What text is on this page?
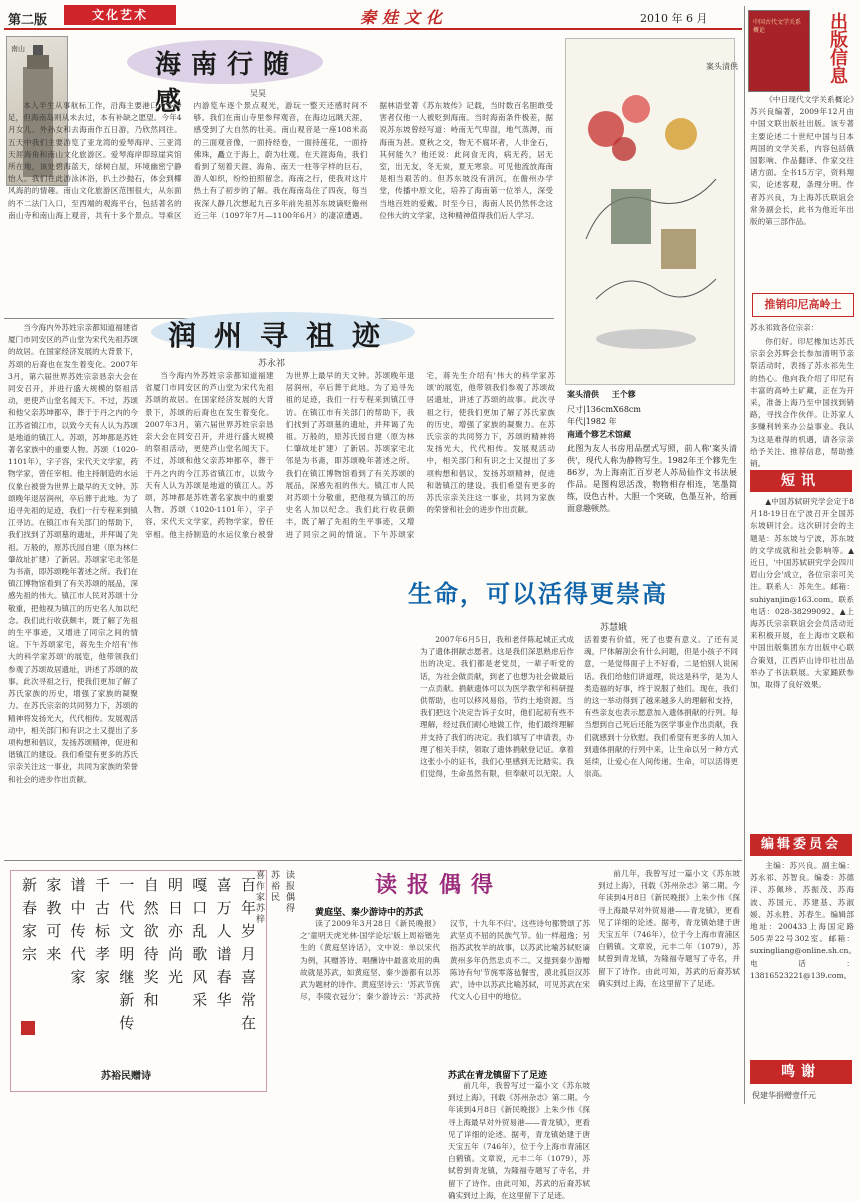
第二版	文化艺术	秦娃文化	2010 年 6 月
南山
海南行随感	吴昊

本人半生从事航标工作，沿海主要港口大多涉足，但海南岛则从未去过，本有补缺之愿望。今年4月女儿、外孙女和去海南作五日游，乃欣然同往。五天中我们主要游览了亚龙湾的爱琴海岸、三亚湾天涯海角和南山文化旅游区。爱琴海岸即琼崖宾馆所在地，该处碧海蓝天，绿树白屋，环境幽密宁静怡人。我们在此游泳沐浴，扒土沙抛石，体会到椰风海韵的情趣。南山文化旅游区范围很大，从东面的不二法门入口，至西端的观海平台，包括著名的南山寺和南山海上观音，共有十多个景点。导乘区内游览车逐个景点观光，游玩一整天还感时间不够。我们在南山寺里参拜观音，在海边远眺天涯，感受到了大自然的壮美。南山观音是一座108米高的三面观音像，一面持经卷，一面持莲花，一面持佛珠，矗立于海上，蔚为壮观。在天涯海角，我们看到了刻着天涯、海角、南天一柱等字样的巨石，游人如织，纷纷拍照留念。海南之行，使我对这片热土有了初步的了解。我在海南岛住了四夜，每当夜深人静几次想起九百多年前先祖苏东坡谪贬儋州近三年（1097年7月—1100年6月）的凄凉遭遇。据林语堂著《苏东坡传》记载，当时数百名胆敢受害者仅他一人被贬到海南。当时海南条件极差，据说苏东坡曾经写道：峙南无气卑湿，地气蒸溽，而海南为甚。夏秋之交，物无不腐坏者，人非金石，其何能久？他还说：此间食无肉，病无药，居无室，出无友，冬无炭，夏无寒泉。可见他流放海南是相当艰苦的。但苏东坡没有消沉，在儋州办学堂，传播中原文化，培养了海南第一位举人，深受当地百姓的爱戴。时至今日，海南人民仍然怀念这位伟大的文学家，这种精神值得我们后人学习。

润州寻祖迹
苏永祁

当今海内外苏姓宗亲都知道福建省厦门市同安区的芦山堂为宋代先祖苏颂的故居。在国家经济发展的大背景下，苏颂的后裔也在发生着变化。2007年3月，第六届世界苏姓宗亲恳亲大会在同安召开，并进行盛大规模的祭祖活动，更使芦山堂名闻天下。不过，苏颂和他父亲苏坤都卒，葬于于丹之内的今江苏省镇江市，以致今天有人认为苏颂是地道的镇江人。苏颂，苏坤都是苏姓著名家族中的重要人物。苏颂（1020-1101年），字子容，宋代天文学家，药物学家，曾任宰相。他主持制造的水运仪象台被誉为世界上最早的天文钟。苏颂晚年退居润州，卒后葬于此地。为了追寻先祖的足迹，我们一行专程来到镇江寻访。在镇江市有关部门的帮助下，我们找到了苏颂墓的遗址，并拜谒了先祖。万般的，原苏氏园自建（原为林仁肇故址扩建）了新居。苏颂家宅北邻是为书斋，即苏颂晚年著述之所。我们在镇江博物馆看到了有关苏颂的展品，深感先祖的伟大。镇江市人民对苏颂十分敬重，把他视为镇江的历史名人加以纪念。我们此行收获颇丰，既了解了先祖的生平事迹，又增进了同宗之间的情谊。下午苏颂家宅，蒋先生介绍有'伟大的科学家苏颂'的展览，他带领我们参观了苏颂故居遗址，讲述了苏颂的故事。此次寻祖之行，使我们更加了解了苏氏家族的历史，增强了家族的凝聚力。在苏氏宗亲的共同努力下，苏颂的精神将发扬光大，代代相传。发展观活动中，相关部门和有识之士又提出了多项构想和倡议，发扬苏颂精神，促进和谐镇江的建设。我们希望有更多的苏氏宗亲关注这一事业，共同为家族的荣誉和社会的进步作出贡献。

当今海内外苏姓宗亲都知道福建省厦门市同安区的芦山堂为宋代先祖苏颂的故居。在国家经济发展的大背景下，苏颂的后裔也在发生着变化。2007年3月，第六届世界苏姓宗亲恳亲大会在同安召开，并进行盛大规模的祭祖活动，更使芦山堂名闻天下。不过，苏颂和他父亲苏坤都卒，葬于于丹之内的今江苏省镇江市，以致今天有人认为苏颂是地道的镇江人。苏颂，苏坤都是苏姓著名家族中的重要人物。苏颂（1020-1101年），字子容，宋代天文学家，药物学家，曾任宰相。他主持制造的水运仪象台被誉为世界上最早的天文钟。苏颂晚年退居润州，卒后葬于此地。为了追寻先祖的足迹，我们一行专程来到镇江寻访。在镇江市有关部门的帮助下，我们找到了苏颂墓的遗址，并拜谒了先祖。万般的，原苏氏园自建（原为林仁肇故址扩建）了新居。苏颂家宅北邻是为书斋，即苏颂晚年著述之所。我们在镇江博物馆看到了有关苏颂的展品，深感先祖的伟大。镇江市人民对苏颂十分敬重，把他视为镇江的历史名人加以纪念。我们此行收获颇丰，既了解了先祖的生平事迹，又增进了同宗之间的情谊。下午苏颂家宅，蒋先生介绍有'伟大的科学家苏颂'的展览，他带领我们参观了苏颂故居遗址，讲述了苏颂的故事。此次寻祖之行，使我们更加了解了苏氏家族的历史，增强了家族的凝聚力。在苏氏宗亲的共同努力下，苏颂的精神将发扬光大，代代相传。发展观活动中，相关部门和有识之士又提出了多项构想和倡议，发扬苏颂精神，促进和谐镇江的建设。我们希望有更多的苏氏宗亲关注这一事业，共同为家族的荣誉和社会的进步作出贡献。

案头清供
案头清供 王个簃
尺寸|136cmX68cm
年代|1982 年
南通个簃艺术馆藏
此图为友人书房用品摆式写照，前人称'案头清供'，现代人称为静物写生。1982年王个簃先生86岁，为上海南汇百岁老人苏局仙作文书法展作品。是图构思活泼，物物相存相连，笔墨简练，设色古朴，大胆一个突破，色墨互补，给画面意趣顿然。
生命，可以活得更崇高
苏慧娥

2007年6月5日，我和老伴陈起城正式成为了遗体捐献志愿者。这是我们深思熟虑后作出的决定。我们都是老党员，一辈子听党的话，为社会做贡献，到老了也想为社会做最后一点贡献。捐献遗体可以为医学教学和科研提供帮助，也可以移风易俗，节约土地资源。当我们把这个决定告诉子女时，他们起初有些不理解，经过我们耐心地做工作，他们最终理解并支持了我们的决定。我们填写了申请表，办理了相关手续，领取了遗体捐献登记证。拿着这张小小的证书，我们心里感到无比踏实。我们觉得，生命虽然有限，但奉献可以无限。人活着要有价值，死了也要有意义。了还有灵魂，尸体解剖会有什么问题，但是小孩子不同意，一是觉得面子上不好看，二是怕别人说闲话。我们给他们讲道理，说这是科学，是为人类造福的好事，终于说服了他们。现在，我们的这一举动得到了越来越多人的理解和支持，有些亲友也表示愿意加入遗体捐献的行列。每当想到自己死后还能为医学事业作出贡献，我们就感到十分欣慰。我们希望有更多的人加入到遗体捐献的行列中来，让生命以另一种方式延续，让爱心在人间传递。生命，可以活得更崇高。

百年岁月喜常在
喜万人谱春华
嘎口乱歌风采
明日亦尚光
自然欲待奖和
一代文明继新传
千古标孝家
谱中传代家
家教可来
新春家宗
苏裕民赠诗
读报偶得
苏裕民
喜作家苏梓	读报偶得
黄庭坚、秦少游诗中的苏武

读了2009年3月28日《新民晚报》之'童明天虎光林·国学论坛'版上周裕锴先生的《黄庭坚诗话》，文中说：单以宋代为例，其赠答诗、唱酬诗中最喜欢用的典故就是苏武，如黄庭坚、秦少游都有以苏武为题材的诗作。黄庭坚诗云：'苏武节旄尽，李陵衣冠分'；秦少游诗云：'苏武持汉节，十九年不归'。这些诗句都赞颂了苏武坚贞不屈的民族气节。仙一样超逸；另指苏武牧羊的故事，以苏武比喻苏轼贬谪黄州多年仍然忠贞不二。又提到秦少游赠陈诗有句'节旄零落毡餐雪，漠北孤臣汉苏武'，诗中以苏武比喻苏轼，可见苏武在宋代文人心目中的地位。

苏武在青龙镇留下了足迹

前几年，我曾写过一篇小文《苏东坡到过上海》，刊载《苏州杂志》第二期。今年读到4月8日《新民晚报》上朱少伟《探寻上海最早对外贸易港——青龙镇》，更看见了详细的论述。据考，青龙镇始建于唐天宝五年（746年），位于今上海市青浦区白鹤镇。文章说，元丰二年（1079），苏轼曾到青龙镇，为隆福寺题写了寺名，并留下了诗作。由此可知，苏武的后裔苏轼确实到过上海，在这里留下了足迹。

前几年，我曾写过一篇小文《苏东坡到过上海》，刊载《苏州杂志》第二期。今年读到4月8日《新民晚报》上朱少伟《探寻上海最早对外贸易港——青龙镇》，更看见了详细的论述。据考，青龙镇始建于唐天宝五年（746年），位于今上海市青浦区白鹤镇。文章说，元丰二年（1079），苏轼曾到青龙镇，为隆福寺题写了寺名，并留下了诗作。由此可知，苏武的后裔苏轼确实到过上海，在这里留下了足迹。

中国古代文学关系概论	出版信息

《中日现代文学关系概论》苏兴良编著，2009年12月由中国文联出版社出版。该专著主要论述二十世纪中国与日本两国的文学关系，内容包括俄国影响、作品翻译、作家交往诸方面。全书15万字，资料翔实，论述客观，条理分明。作者苏兴良，为上海苏氏联谊会常务副会长，此书为他近年出版的第三部作品。

推销印尼高岭土
苏永祁致各位宗亲：

你们好。印尼橡加达苏氏宗亲会苏辉会长参加清明节亲祭活动时，表扬了苏永祁先生的热心。他向我介绍了印尼有丰富的高岭土矿藏，正在为开采，准备上海乃至中国找到销路，寻找合作伙伴。让苏家人多赚利转来办公益事业。我认为这是难得的机遇，请各宗亲给予关注、推荐信息，帮助推销。

短讯

▲中国苏轼研究学会定于8月18-19日在宁波召开全国苏东坡研讨会。这次研讨会的主题是：苏东坡与宁波，苏东坡的文学成就和社会影响等。▲近日，'中国苏轼研究学会四川眉山分会'成立，各位宗亲可关注。联系人：苏先生。邮箱：suhiyanjin@163.com。联系电话：028-38299092。▲上海苏氏宗亲联谊会会员活动近来积极开展，在上海市文联和中国出版集团东方出版中心联合策划，江西庐山诗印社出品举办了书法联展。大家踊跃参加，取得了良好效果。

编辑委员会

主编：苏兴良。副主编：苏永祁、苏智良。编委：苏德洋、苏佩珍、苏振茂、苏海波、苏国元、苏建基、苏淑媛、苏永胜、苏春生。编辑部地址：200433上海国定路505弄22号302室。邮箱：suxingliang@online.sh.cn。电话：13816523221@139.com。

鸣谢
倪建华捐赠壹仟元
